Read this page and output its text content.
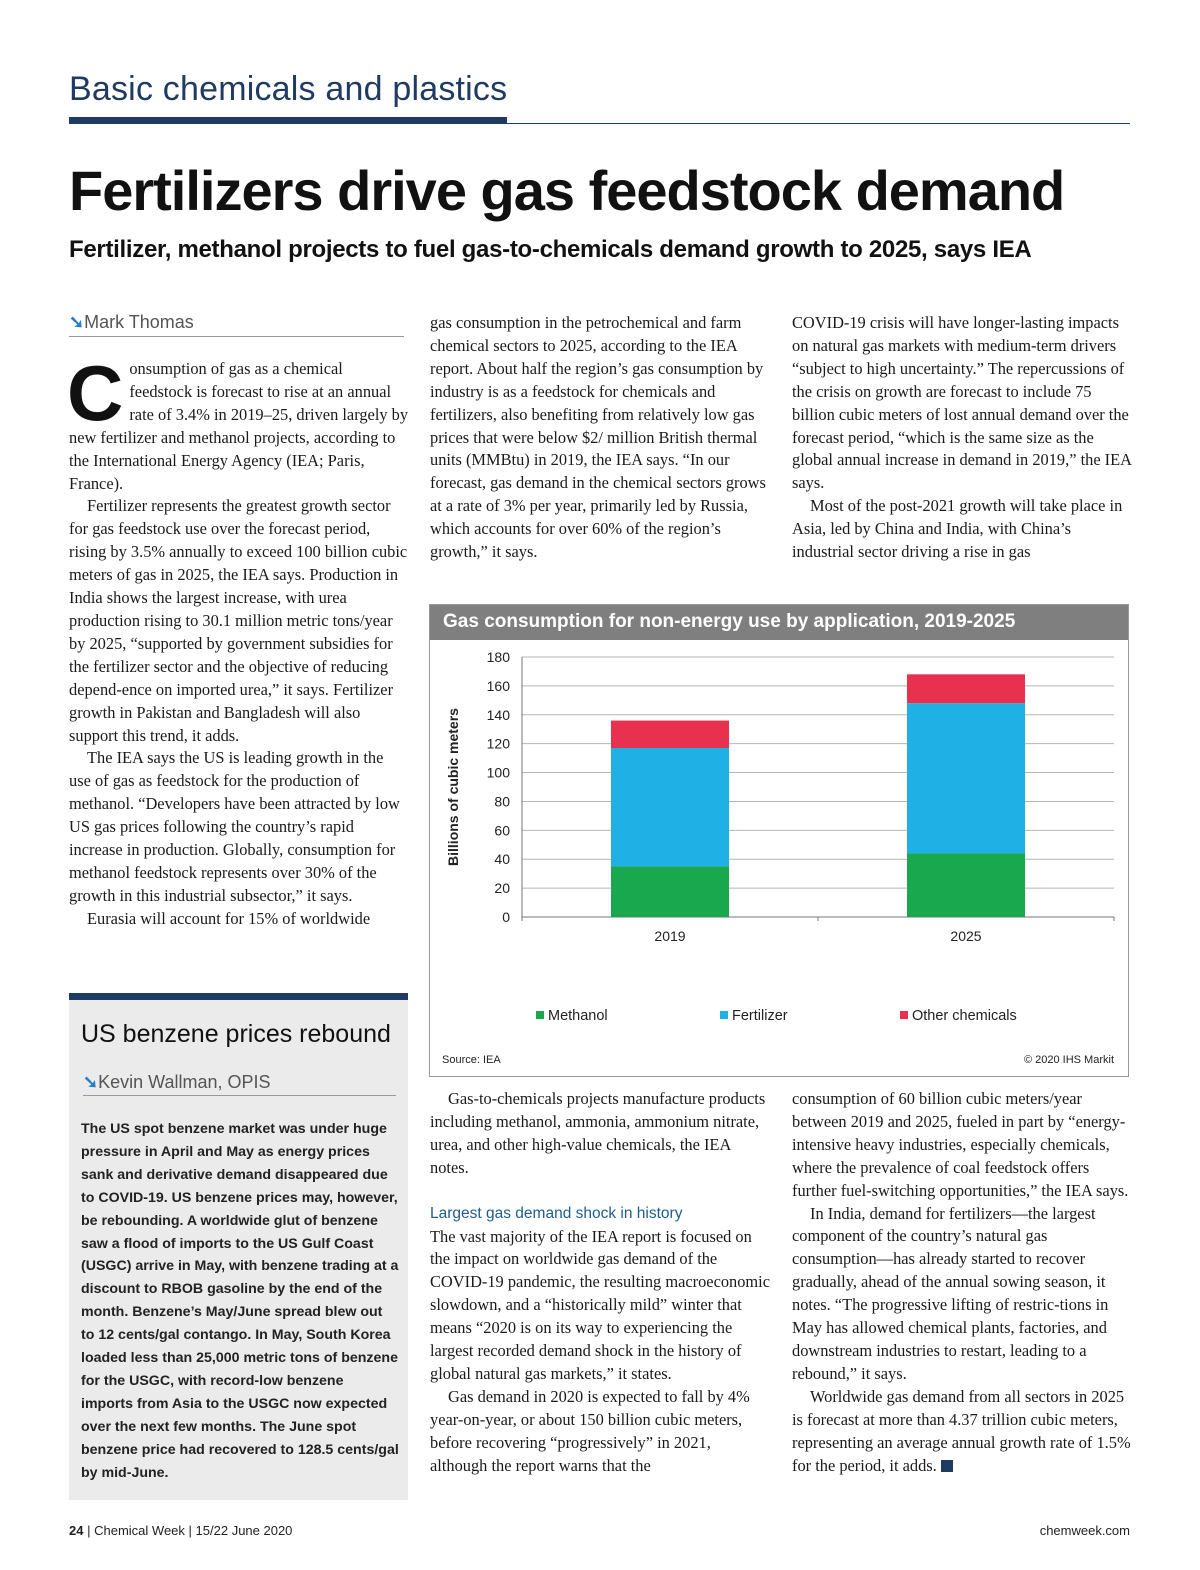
Basic chemicals and plastics
Fertilizers drive gas feedstock demand
Fertilizer, methanol projects to fuel gas-to-chemicals demand growth to 2025, says IEA
➘Mark Thomas

Consumption of gas as a chemical feedstock is forecast to rise at an annual rate of 3.4% in 2019–25, driven largely by new fertilizer and methanol projects, according to the International Energy Agency (IEA; Paris, France).

Fertilizer represents the greatest growth sector for gas feedstock use over the forecast period, rising by 3.5% annually to exceed 100 billion cubic meters of gas in 2025, the IEA says. Production in India shows the largest increase, with urea production rising to 30.1 million metric tons/year by 2025, “supported by government subsidies for the fertilizer sector and the objective of reducing depend-ence on imported urea,” it says. Fertilizer growth in Pakistan and Bangladesh will also support this trend, it adds.

The IEA says the US is leading growth in the use of gas as feedstock for the production of methanol. “Developers have been attracted by low US gas prices following the country’s rapid increase in production. Globally, consumption for methanol feedstock represents over 30% of the growth in this industrial subsector,” it says.

Eurasia will account for 15% of worldwide

gas consumption in the petrochemical and farm chemical sectors to 2025, according to the IEA report. About half the region’s gas consumption by industry is as a feedstock for chemicals and fertilizers, also benefiting from relatively low gas prices that were below $2/ million British thermal units (MMBtu) in 2019, the IEA says. “In our forecast, gas demand in the chemical sectors grows at a rate of 3% per year, primarily led by Russia, which accounts for over 60% of the region’s growth,” it says.

COVID-19 crisis will have longer-lasting impacts on natural gas markets with medium-term drivers “subject to high uncertainty.” The repercussions of the crisis on growth are forecast to include 75 billion cubic meters of lost annual demand over the forecast period, “which is the same size as the global annual increase in demand in 2019,” the IEA says.

Most of the post-2021 growth will take place in Asia, led by China and India, with China’s industrial sector driving a rise in gas

US benzene prices rebound
➘Kevin Wallman, OPIS
The US spot benzene market was under huge pressure in April and May as energy prices sank and derivative demand disappeared due to COVID-19. US benzene prices may, however, be rebounding. A worldwide glut of benzene saw a flood of imports to the US Gulf Coast (USGC) arrive in May, with benzene trading at a discount to RBOB gasoline by the end of the month. Benzene’s May/June spread blew out to 12 cents/gal contango. In May, South Korea loaded less than 25,000 metric tons of benzene for the USGC, with record-low benzene imports from Asia to the USGC now expected over the next few months. The June spot benzene price had recovered to 128.5 cents/gal by mid-June.
Gas consumption for non-energy use by application, 2019-2025
0
20
40
60
80
100
120
140
160
180
2019	2025
Billions of cubic meters
Methanol	Fertilizer	Other chemicals
Source: IEA	© 2020 IHS Markit

Gas-to-chemicals projects manufacture products including methanol, ammonia, ammonium nitrate, urea, and other high-value chemicals, the IEA notes.

Largest gas demand shock in history

The vast majority of the IEA report is focused on the impact on worldwide gas demand of the COVID-19 pandemic, the resulting macroeconomic slowdown, and a “historically mild” winter that means “2020 is on its way to experiencing the largest recorded demand shock in the history of global natural gas markets,” it states.

Gas demand in 2020 is expected to fall by 4% year-on-year, or about 150 billion cubic meters, before recovering “progressively” in 2021, although the report warns that the

consumption of 60 billion cubic meters/year between 2019 and 2025, fueled in part by “energy-intensive heavy industries, especially chemicals, where the prevalence of coal feedstock offers further fuel-switching opportunities,” the IEA says.

In India, demand for fertilizers—the largest component of the country’s natural gas consumption—has already started to recover gradually, ahead of the annual sowing season, it notes. “The progressive lifting of restric-tions in May has allowed chemical plants, factories, and downstream industries to restart, leading to a rebound,” it says.

Worldwide gas demand from all sectors in 2025 is forecast at more than 4.37 trillion cubic meters, representing an average annual growth rate of 1.5% for the period, it adds.

24 | Chemical Week | 15/22 June 2020	chemweek.com
